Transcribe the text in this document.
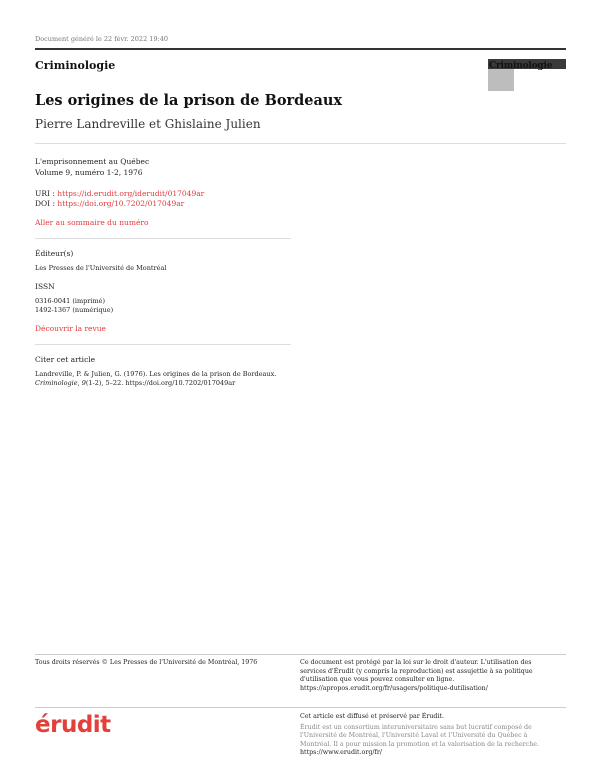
Document généré le 22 févr. 2022 19:40
Criminologie	Criminologie
Les origines de la prison de Bordeaux
Pierre Landreville et Ghislaine Julien
L'emprisonnement au Québec
Volume 9, numéro 1-2, 1976
URI : https://id.erudit.org/iderudit/017049ar
DOI : https://doi.org/10.7202/017049ar
Aller au sommaire du numéro
Éditeur(s)
Les Presses de l'Université de Montréal
ISSN
0316-0041 (imprimé)
1492-1367 (numérique)
Découvrir la revue
Citer cet article
Landreville, P. & Julien, G. (1976). Les origines de la prison de Bordeaux.
Criminologie, 9(1-2), 5–22. https://doi.org/10.7202/017049ar
Tous droits réservés © Les Presses de l'Université de Montréal, 1976	Ce document est protégé par la loi sur le droit d'auteur. L'utilisation des
services d'Érudit (y compris la reproduction) est assujettie à sa politique
d'utilisation que vous pouvez consulter en ligne.
https://apropos.erudit.org/fr/usagers/politique-dutilisation/
érudit	Cet article est diffusé et préservé par Érudit.
Érudit est un consortium interuniversitaire sans but lucratif composé de
l'Université de Montréal, l'Université Laval et l'Université du Québec à
Montréal. Il a pour mission la promotion et la valorisation de la recherche.
https://www.erudit.org/fr/
